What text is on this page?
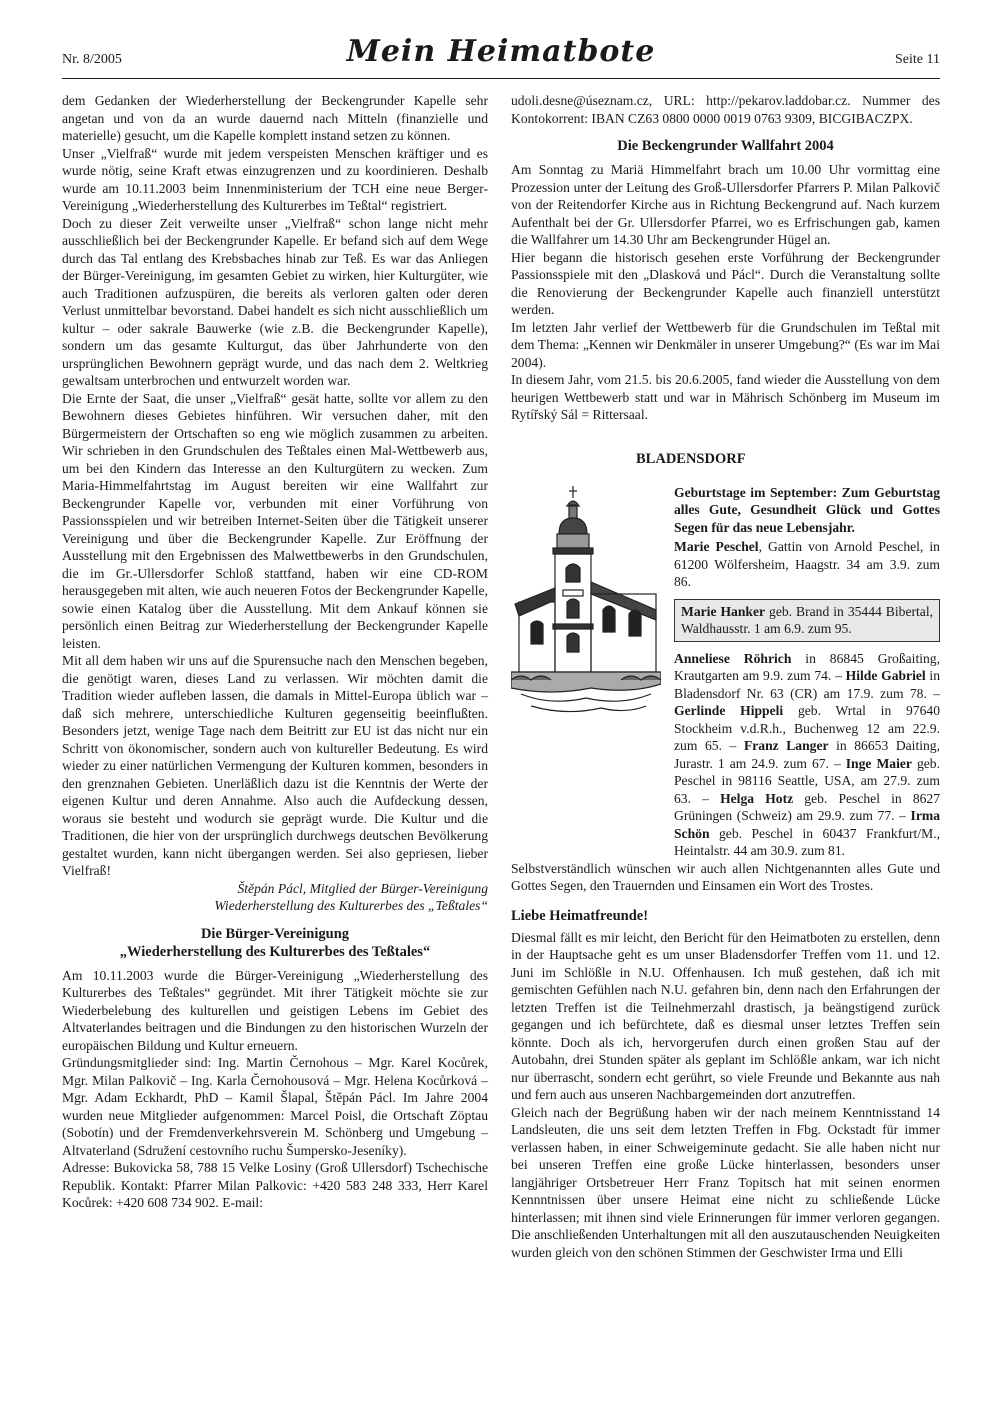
Nr. 8/2005	Mein Heimatbote	Seite 11

dem Gedanken der Wiederherstellung der Beckengrunder Kapelle sehr angetan und von da an wurde dauernd nach Mitteln (finanzielle und materielle) gesucht, um die Kapelle komplett instand setzen zu können.

Unser „Vielfraß“ wurde mit jedem verspeisten Menschen kräftiger und es wurde nötig, seine Kraft etwas einzugrenzen und zu koordinieren. Deshalb wurde am 10.11.2003 beim Innenministerium der TCH eine neue Berger-Vereinigung „Wiederherstellung des Kulturerbes im Teßtal“ registriert.

Doch zu dieser Zeit verweilte unser „Vielfraß“ schon lange nicht mehr ausschließlich bei der Beckengrunder Kapelle. Er befand sich auf dem Wege durch das Tal entlang des Krebsbaches hinab zur Teß. Es war das Anliegen der Bürger-Vereinigung, im gesamten Gebiet zu wirken, hier Kulturgüter, wie auch Traditionen aufzuspüren, die bereits als verloren galten oder deren Verlust unmittelbar bevorstand. Dabei handelt es sich nicht ausschließlich um kultur – oder sakrale Bauwerke (wie z.B. die Beckengrunder Kapelle), sondern um das gesamte Kulturgut, das über Jahrhunderte von den ursprünglichen Bewohnern geprägt wurde, und das nach dem 2. Weltkrieg gewaltsam unterbrochen und entwurzelt worden war.

Die Ernte der Saat, die unser „Vielfraß“ gesät hatte, sollte vor allem zu den Bewohnern dieses Gebietes hinführen. Wir versuchen daher, mit den Bürgermeistern der Ortschaften so eng wie möglich zusammen zu arbeiten. Wir schrieben in den Grundschulen des Teßtales einen Mal-Wettbewerb aus, um bei den Kindern das Interesse an den Kulturgütern zu wecken. Zum Maria-Himmelfahrtstag im August bereiten wir eine Wallfahrt zur Beckengrunder Kapelle vor, verbunden mit einer Vorführung von Passionsspielen und wir betreiben Internet-Seiten über die Tätigkeit unserer Vereinigung und über die Beckengrunder Kapelle. Zur Eröffnung der Ausstellung mit den Ergebnissen des Malwettbewerbs in den Grundschulen, die im Gr.-Ullersdorfer Schloß stattfand, haben wir eine CD-ROM herausgegeben mit alten, wie auch neueren Fotos der Beckengrunder Kapelle, sowie einen Katalog über die Ausstellung. Mit dem Ankauf können sie persönlich einen Beitrag zur Wiederherstellung der Beckengrunder Kapelle leisten.

Mit all dem haben wir uns auf die Spurensuche nach den Menschen begeben, die genötigt waren, dieses Land zu verlassen. Wir möchten damit die Tradition wieder aufleben lassen, die damals in Mittel-Europa üblich war – daß sich mehrere, unterschiedliche Kulturen gegenseitig beeinflußten. Besonders jetzt, wenige Tage nach dem Beitritt zur EU ist das nicht nur ein Schritt von ökonomischer, sondern auch von kultureller Bedeutung. Es wird wieder zu einer natürlichen Vermengung der Kulturen kommen, besonders in den grenznahen Gebieten. Unerläßlich dazu ist die Kenntnis der Werte der eigenen Kultur und deren Annahme. Also auch die Aufdeckung dessen, woraus sie besteht und wodurch sie geprägt wurde. Die Kultur und die Traditionen, die hier von der ursprünglich durchwegs deutschen Bevölkerung gestaltet wurden, kann nicht übergangen werden. Sei also gepriesen, lieber Vielfraß!

Štěpán Pácl, Mitglied der Bürger-Vereinigung

Wiederherstellung des Kulturerbes des „Teßtales“

Die Bürger-Vereinigung
„Wiederherstellung des Kulturerbes des Teßtales“

Am 10.11.2003 wurde die Bürger-Vereinigung „Wiederherstellung des Kulturerbes des Teßtales“ gegründet. Mit ihrer Tätigkeit möchte sie zur Wiederbelebung des kulturellen und geistigen Lebens im Gebiet des Altvaterlandes beitragen und die Bindungen zu den historischen Wurzeln der europäischen Bildung und Kultur erneuern.

Gründungsmitglieder sind: Ing. Martin Černohous – Mgr. Karel Kocůrek, Mgr. Milan Palkovič – Ing. Karla Černohousová – Mgr. Helena Kocůrková – Mgr. Adam Eckhardt, PhD – Kamil Šlapal, Štěpán Pácl. Im Jahre 2004 wurden neue Mitglieder aufgenommen: Marcel Poisl, die Ortschaft Zöptau (Sobotín) und der Fremdenverkehrsverein M. Schönberg und Umgebung – Altvaterland (Sdružení cestovního ruchu Šumpersko-Jeseníky).

Adresse: Bukovicka 58, 788 15 Velke Losiny (Groß Ullersdorf) Tschechische Republik. Kontakt: Pfarrer Milan Palkovic: +420 583 248 333, Herr Karel Kocůrek: +420 608 734 902. E-mail:

udoli.desne@úseznam.cz, URL: http://pekarov.laddobar.cz. Nummer des Kontokorrent: IBAN CZ63 0800 0000 0019 0763 9309, BICGIBACZPX.

Die Beckengrunder Wallfahrt 2004

Am Sonntag zu Mariä Himmelfahrt brach um 10.00 Uhr vormittag eine Prozession unter der Leitung des Groß-Ullersdorfer Pfarrers P. Milan Palkovič von der Reitendorfer Kirche aus in Richtung Beckengrund auf. Nach kurzem Aufenthalt bei der Gr. Ullersdorfer Pfarrei, wo es Erfrischungen gab, kamen die Wallfahrer um 14.30 Uhr am Beckengrunder Hügel an.

Hier begann die historisch gesehen erste Vorführung der Beckengrunder Passionsspiele mit den „Dlasková und Pácl“. Durch die Veranstaltung sollte die Renovierung der Beckengrunder Kapelle auch finanziell unterstützt werden.

Im letzten Jahr verlief der Wettbewerb für die Grundschulen im Teßtal mit dem Thema: „Kennen wir Denkmäler in unserer Umgebung?“ (Es war im Mai 2004).

In diesem Jahr, vom 21.5. bis 20.6.2005, fand wieder die Ausstellung von dem heurigen Wettbewerb statt und war in Mährisch Schönberg im Museum im Rytířský Sál = Rittersaal.

BLADENSDORF

Geburtstage im September: Zum Geburtstag alles Gute, Gesundheit Glück und Gottes Segen für das neue Lebensjahr.

Marie Peschel, Gattin von Arnold Peschel, in 61200 Wölfersheim, Haagstr. 34 am 3.9. zum 86.

Marie Hanker geb. Brand in 35444 Bibertal, Waldhausstr. 1 am 6.9. zum 95.

Anneliese Röhrich in 86845 Großaiting, Krautgarten am 9.9. zum 74. – Hilde Gabriel in Bladensdorf Nr. 63 (CR) am 17.9. zum 78. – Gerlinde Hippeli geb. Wrtal in 97640 Stockheim v.d.R.h., Buchenweg 12 am 22.9. zum 65. – Franz Langer in 86653 Daiting, Jurastr. 1 am 24.9. zum 67. – Inge Maier geb. Peschel in 98116 Seattle, USA, am 27.9. zum 63. – Helga Hotz geb. Peschel in 8627 Grüningen (Schweiz) am 29.9. zum 77. – Irma Schön geb. Peschel in 60437 Frankfurt/M., Heintalstr. 44 am 30.9. zum 81.

Selbstverständlich wünschen wir auch allen Nichtgenannten alles Gute und Gottes Segen, den Trauernden und Einsamen ein Wort des Trostes.

Liebe Heimatfreunde!

Diesmal fällt es mir leicht, den Bericht für den Heimatboten zu erstellen, denn in der Hauptsache geht es um unser Bladensdorfer Treffen vom 11. und 12. Juni im Schlößle in N.U. Offenhausen. Ich muß gestehen, daß ich mit gemischten Gefühlen nach N.U. gefahren bin, denn nach den Erfahrungen der letzten Treffen ist die Teilnehmerzahl drastisch, ja beängstigend zurück gegangen und ich befürchtete, daß es diesmal unser letztes Treffen sein könnte. Doch als ich, hervorgerufen durch einen großen Stau auf der Autobahn, drei Stunden später als geplant im Schlößle ankam, war ich nicht nur überrascht, sondern echt gerührt, so viele Freunde und Bekannte aus nah und fern auch aus unseren Nachbargemeinden dort anzutreffen.

Gleich nach der Begrüßung haben wir der nach meinem Kenntnisstand 14 Landsleuten, die uns seit dem letzten Treffen in Fbg. Ockstadt für immer verlassen haben, in einer Schweigeminute gedacht. Sie alle haben nicht nur bei unseren Treffen eine große Lücke hinterlassen, besonders unser langjähriger Ortsbetreuer Herr Franz Topitsch hat mit seinen enormen Kennntnissen über unsere Heimat eine nicht zu schließende Lücke hinterlassen; mit ihnen sind viele Erinnerungen für immer verloren gegangen. Die anschließenden Unterhaltungen mit all den auszutauschenden Neuigkeiten wurden gleich von den schönen Stimmen der Geschwister Irma und Elli
